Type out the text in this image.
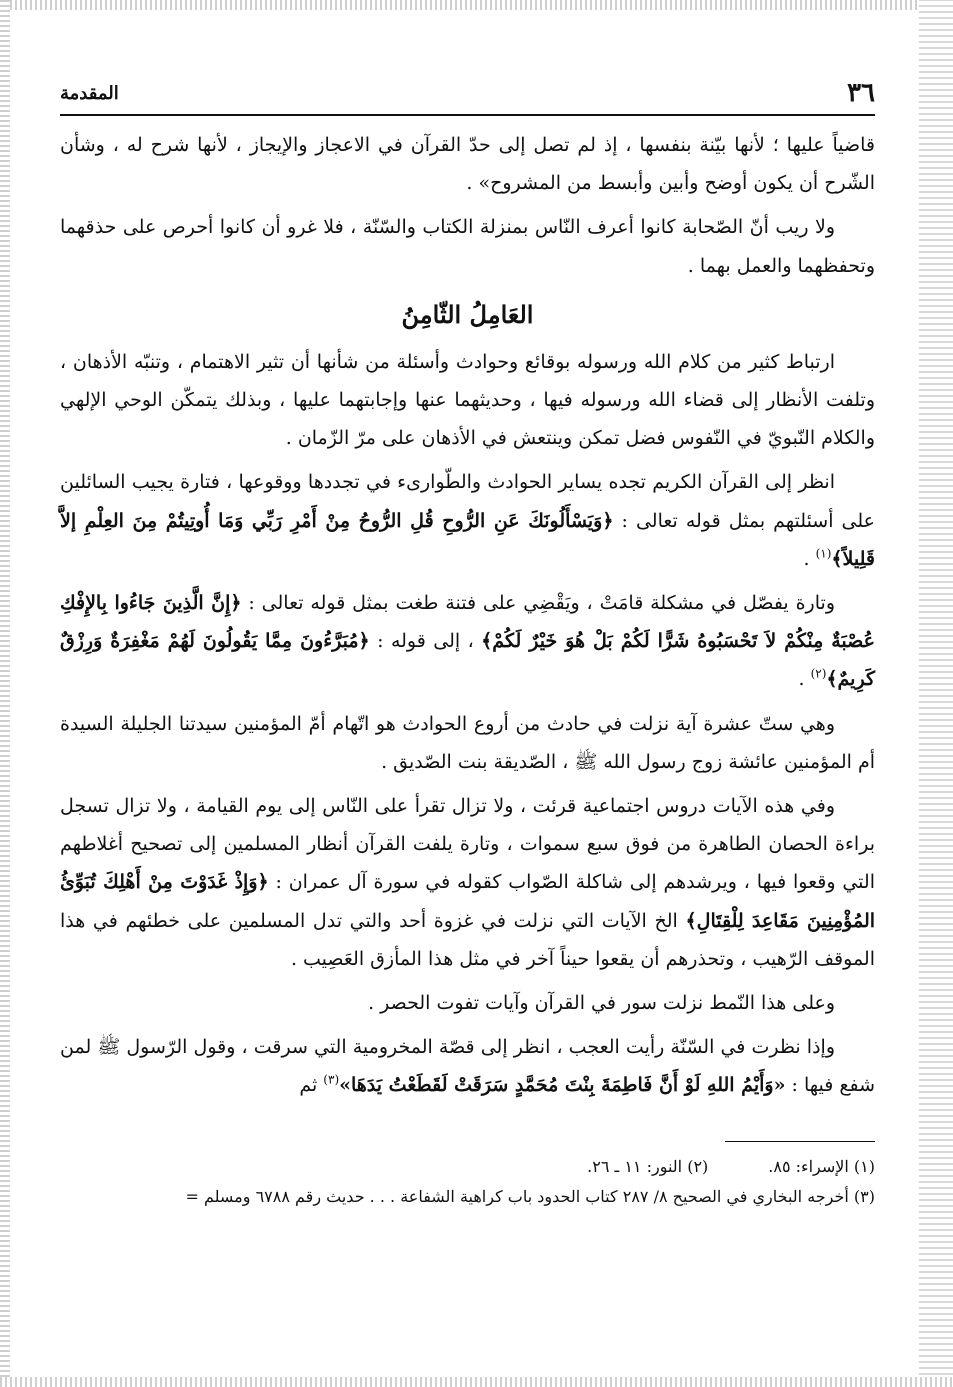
٣٦
المقدمة

قاضياً عليها ؛ لأنها بيّنة بنفسها ، إذ لم تصل إلى حدّ القرآن في الاعجاز والإيجاز ، لأنها شرح له ، وشأن الشّرح أن يكون أوضح وأبين وأبسط من المشروح» .

ولا ريب أنّ الصّحابة كانوا أعرف النّاس بمنزلة الكتاب والسّنّة ، فلا غرو أن كانوا أحرص على حذقهما وتحفظهما والعمل بهما .

العَامِلُ الثّامِنُ

ارتباط كثير من كلام الله ورسوله بوقائع وحوادث وأسئلة من شأنها أن تثير الاهتمام ، وتنبّه الأذهان ، وتلفت الأنظار إلى قضاء الله ورسوله فيها ، وحديثهما عنها وإجابتهما عليها ، وبذلك يتمكّن الوحي الإلهي والكلام النّبويّ في النّفوس فضل تمكن وينتعش في الأذهان على مرّ الزّمان .

انظر إلى القرآن الكريم تجده يساير الحوادث والطّوارىء في تجددها ووقوعها ، فتارة يجيب السائلين على أسئلتهم بمثل قوله تعالى : ﴿وَيَسْأَلُونَكَ عَنِ الرُّوحِ قُلِ الرُّوحُ مِنْ أَمْرِ رَبِّي وَمَا أُوتِيتُمْ مِنَ العِلْمِ إلاَّ قَلِيلاً﴾$^{(١)}$ .

وتارة يفصّل في مشكلة قامَتْ ، ويَقْضِي على فتنة طغت بمثل قوله تعالى : ﴿إِنَّ الَّذِينَ جَاءُوا بِالإِفْكِ عُصْبَةٌ مِنْكُمْ لاَ تَحْسَبُوهُ شَرًّا لَكُمْ بَلْ هُوَ خَيْرٌ لَكُمْ﴾ ، إلى قوله : ﴿مُبَرَّءُونَ مِمَّا يَقُولُونَ لَهُمْ مَغْفِرَةٌ وَرِزْقٌ كَرِيمٌ﴾$^{(٢)}$ .

وهي ستّ عشرة آية نزلت في حادث من أروع الحوادث هو اتّهام أمّ المؤمنين سيدتنا الجليلة السيدة أم المؤمنين عائشة زوج رسول الله ﷺ ، الصّديقة بنت الصّديق .

وفي هذه الآيات دروس اجتماعية قرئت ، ولا تزال تقرأ على النّاس إلى يوم القيامة ، ولا تزال تسجل براءة الحصان الطاهرة من فوق سبع سموات ، وتارة يلفت القرآن أنظار المسلمين إلى تصحيح أغلاطهم التي وقعوا فيها ، ويرشدهم إلى شاكلة الصّواب كقوله في سورة آل عمران : ﴿وَإِذْ غَدَوْتَ مِنْ أَهْلِكَ تُبَوِّئُ المُؤْمِنِينَ مَقَاعِدَ لِلْقِتَالِ﴾ الخ الآيات التي نزلت في غزوة أحد والتي تدل المسلمين على خطئهم في هذا الموقف الرّهيب ، وتحذرهم أن يقعوا حيناً آخر في مثل هذا المأزق العَصِيب .

وعلى هذا النّمط نزلت سور في القرآن وآيات تفوت الحصر .

وإذا نظرت في السّنّة رأيت العجب ، انظر إلى قصّة المخرومية التي سرقت ، وقول الرّسول ﷺ لمن شفع فيها : «وَأَيْمُ اللهِ لَوْ أَنَّ فَاطِمَةَ بِنْتَ مُحَمَّدٍ سَرَقَتْ لَقَطَعْتُ يَدَهَا»$^{(٣)}$ ثم

(١) الإسراء: ٨٥.
(٢) النور: ١١ ـ ٢٦.
(٣) أخرجه البخاري في الصحيح ٨/ ٢٨٧ كتاب الحدود باب كراهية الشفاعة . . . حديث رقم ٦٧٨٨ ومسلم =
